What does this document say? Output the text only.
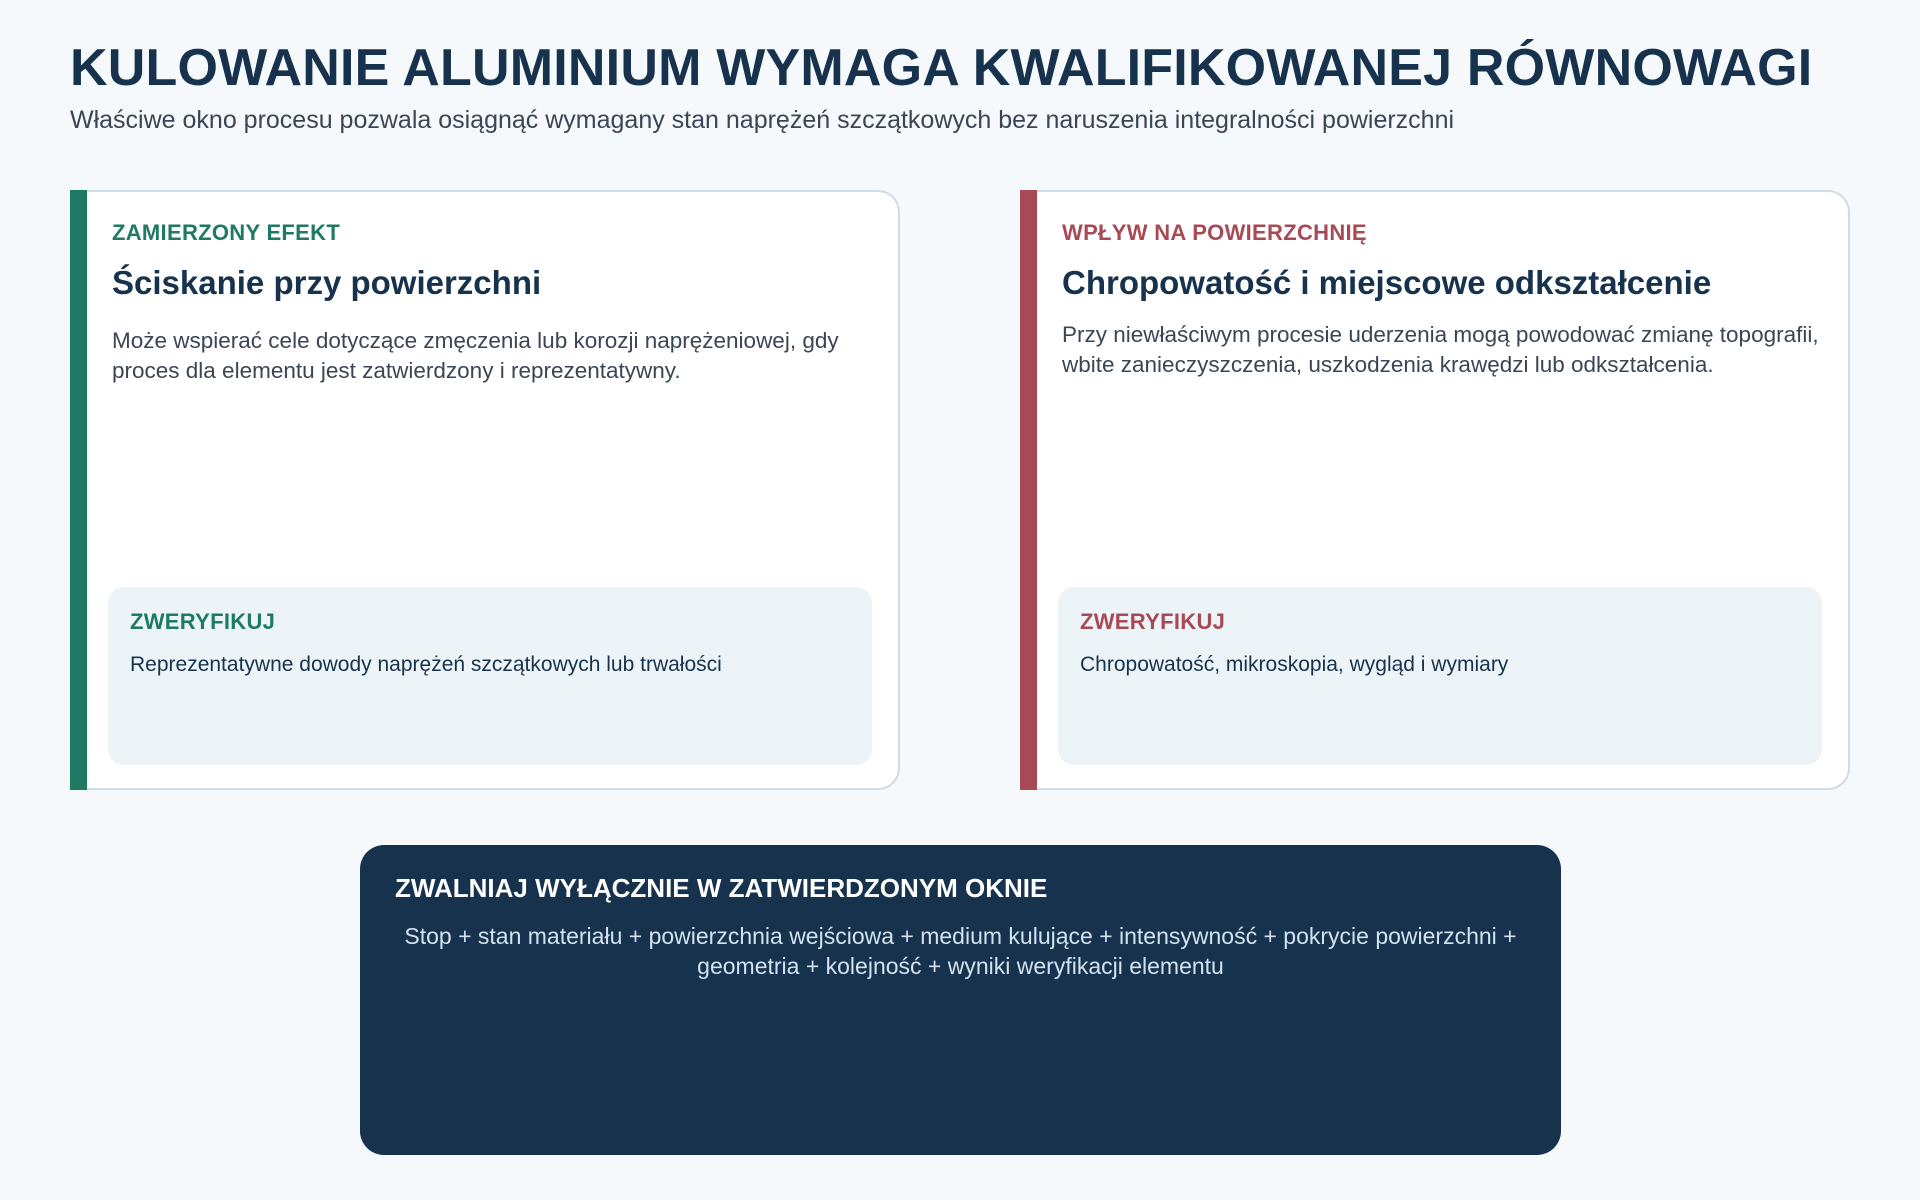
KULOWANIE ALUMINIUM WYMAGA KWALIFIKOWANEJ RÓWNOWAGI
Właściwe okno procesu pozwala osiągnąć wymagany stan naprężeń szczątkowych bez naruszenia integralności powierzchni
ZAMIERZONY EFEKT
Ściskanie przy powierzchni
Może wspierać cele dotyczące zmęczenia lub korozji naprężeniowej, gdy proces dla elementu jest zatwierdzony i reprezentatywny.
ZWERYFIKUJ
Reprezentatywne dowody naprężeń szczątkowych lub trwałości
WPŁYW NA POWIERZCHNIĘ
Chropowatość i miejscowe odkształcenie
Przy niewłaściwym procesie uderzenia mogą powodować zmianę topografii, wbite zanieczyszczenia, uszkodzenia krawędzi lub odkształcenia.
ZWERYFIKUJ
Chropowatość, mikroskopia, wygląd i wymiary
ZWALNIAJ WYŁĄCZNIE W ZATWIERDZONYM OKNIE
Stop + stan materiału + powierzchnia wejściowa + medium kulujące + intensywność + pokrycie powierzchni + geometria + kolejność + wyniki weryfikacji elementu
